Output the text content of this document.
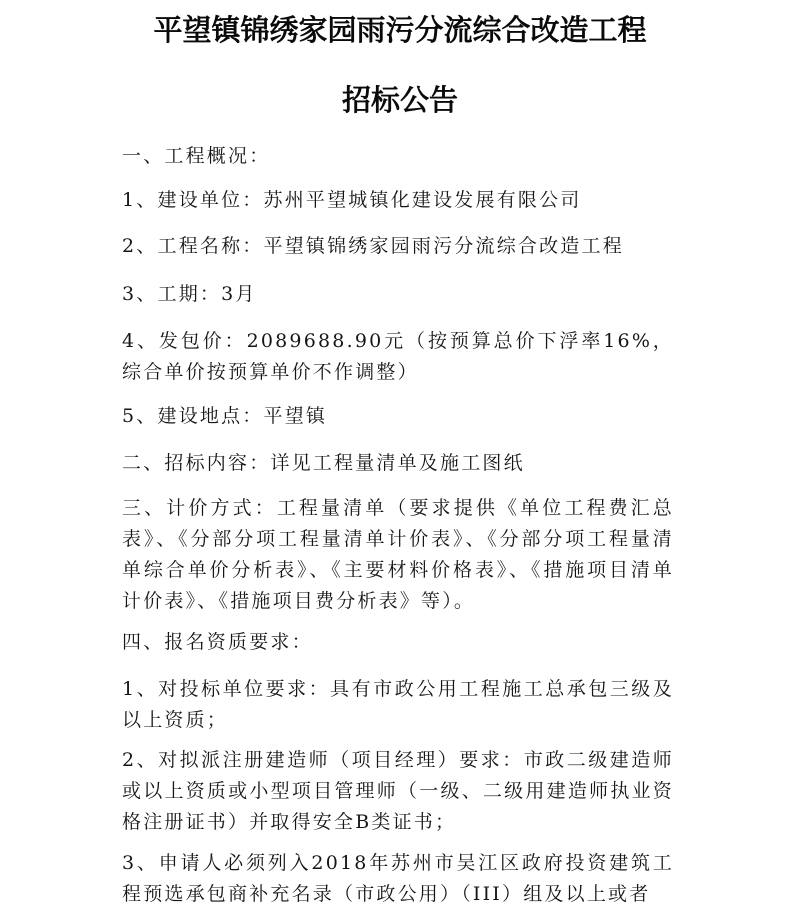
平望镇锦绣家园雨污分流综合改造工程
招标公告
一、工程概况：
1、建设单位：苏州平望城镇化建设发展有限公司
2、工程名称：平望镇锦绣家园雨污分流综合改造工程
3、工期：3月
4、发包价：2089688.90元（按预算总价下浮率16%，综合单价按预算单价不作调整）
5、建设地点：平望镇
二、招标内容：详见工程量清单及施工图纸
三、计价方式：工程量清单（要求提供《单位工程费汇总表》、《分部分项工程量清单计价表》、《分部分项工程量清单综合单价分析表》、《主要材料价格表》、《措施项目清单计价表》、《措施项目费分析表》等）。
四、报名资质要求：
1、对投标单位要求：具有市政公用工程施工总承包三级及以上资质；
2、对拟派注册建造师（项目经理）要求：市政二级建造师或以上资质或小型项目管理师（一级、二级用建造师执业资格注册证书）并取得安全B类证书；
3、申请人必须列入2018年苏州市吴江区政府投资建筑工程预选承包商补充名录（市政公用）（III）组及以上或者
